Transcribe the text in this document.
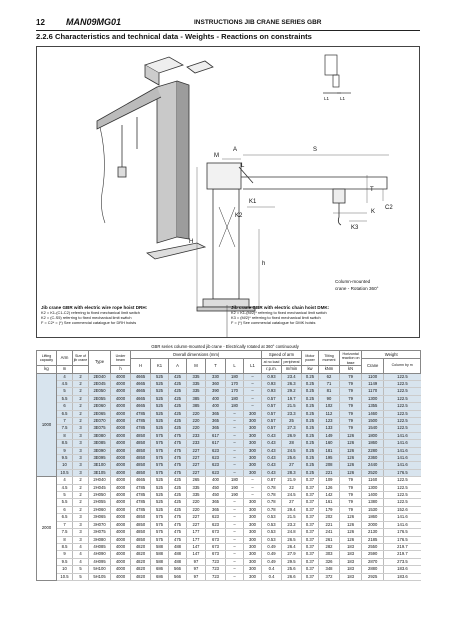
12 MAN09MG01	INSTRUCTIONS JIB CRANE SERIES GBR
2.2.6 Characteristics and technical data - Weights - Reactions on constraints
L1 L1
M
A	S
L
T
K
K1
K2
K3
C2
H
h
Column-mounted
crane - Rotation 360°
Jib crane GBR with electric wire rope hoist DRH:
K2 = K1-(C1-C2) referring to fixed mechanical limit switch
K2 = (C-S5) referring to fixed mechanical limit switch
F = C2* = (*) See commercial catalogue for DRH hoists
Jib crane GBR with electric chain hoist DMK:
K2 = K1-(M/2)* referring to fixed mechanical limit switch
K3 = (M/2)* referring to fixed mechanical limit switch
F = (*) See commercial catalogue for DMK hoists
			GBR series column-mounted jib crane - Electrically rotated at 360° continuously															
Lifting capacity	Arm	Size of jib crane	Type	Under beam	Overall dimensions (mm)							Speed of arm		Motor power	Tilting moment	Horizontal reaction on base	Weight	
					H	K1	A	M	T	L	L1	at no load	peripheral				Crane	Column by m
kg	m			h								r.p.m.	m/min	kw	kNm	kN		
1000	4	2	2E040	4000	4665	525	425	335	330	180	–	0.93	23.4	0.25	62	79	1100	122.5
	4.5	2	2E045	4000	4665	525	425	335	360	170	–	0.93	26.3	0.25	71	79	1149	122.5
	5	2	2E050	4000	4665	525	425	335	390	170	–	0.93	29.2	0.25	81	79	1170	122.5
	5.5	2	2E055	4000	4665	525	425	385	400	180	–	0.57	19.7	0.25	90	79	1300	122.5
	6	2	2E060	4000	4665	525	425	385	400	180	–	0.57	21.5	0.25	102	79	1355	122.5
	6.5	2	2E065	4000	4785	525	425	220	365	–	300	0.57	23.3	0.25	112	79	1460	122.5
	7	2	2E070	4000	4785	525	425	220	365	–	300	0.57	25	0.25	123	79	1500	122.5
	7.5	3	3E075	4000	4785	525	425	220	365	–	300	0.57	27.3	0.25	133	79	1540	122.5
	8	3	3E080	4000	4850	575	475	233	617	–	300	0.43	26.9	0.25	149	126	1800	141.6
	8.5	3	3E085	4000	4850	575	475	233	617	–	300	0.43	28	0.25	160	126	1860	141.6
	9	3	3E090	4000	4850	575	475	227	623	–	300	0.43	24.5	0.25	181	126	2280	141.6
	9.5	3	3E095	4000	4850	575	475	227	623	–	300	0.43	25.6	0.25	195	126	2360	141.6
	10	3	3E100	4000	4850	575	475	227	623	–	300	0.43	27	0.25	208	126	2440	141.6
	10.5	3	3E105	4000	4850	575	475	227	623	–	300	0.43	28.3	0.25	221	126	2520	176.5
2000	4	2	2H040	4000	4665	525	425	265	400	180	–	0.87	21.9	0.37	109	79	1160	122.5
	4.5	2	2H045	4000	4785	525	425	335	450	190	–	0.78	22	0.37	126	79	1300	122.5
	5	2	2H050	4000	4785	525	425	335	450	190	–	0.78	24.5	0.37	142	79	1400	122.5
	5.5	2	2H055	4000	4785	525	425	220	365	–	300	0.78	27	0.37	161	79	1380	122.5
	6	2	2H060	4000	4785	525	425	220	365	–	300	0.78	29.4	0.37	179	79	1530	152.6
	6.5	3	3H065	4000	4850	575	475	227	623	–	300	0.53	21.5	0.37	202	126	1860	141.6
	7	3	3H070	4000	4850	575	475	227	623	–	300	0.53	23.2	0.37	221	126	2000	141.6
	7.5	3	3H075	4000	4850	575	475	177	673	–	300	0.53	24.8	0.37	241	126	2130	176.5
	8	3	3H080	4000	4850	575	475	177	673	–	300	0.53	26.5	0.37	261	126	2185	176.5
	8.5	4	4H085	4000	4820	588	488	147	673	–	300	0.49	26.4	0.37	282	183	2550	219.7
	9	4	4H090	4000	4820	588	488	147	673	–	300	0.49	27.9	0.37	303	183	2590	219.7
	9.5	4	4H095	4000	4820	588	488	97	723	–	300	0.49	29.5	0.37	326	183	2870	273.5
	10	5	5H100	4000	4820	686	566	97	723	–	300	0.4	25.6	0.37	348	183	2880	183.6
	10.5	5	5H105	4000	4820	686	566	97	723	–	300	0.4	26.6	0.37	372	183	2925	183.6
